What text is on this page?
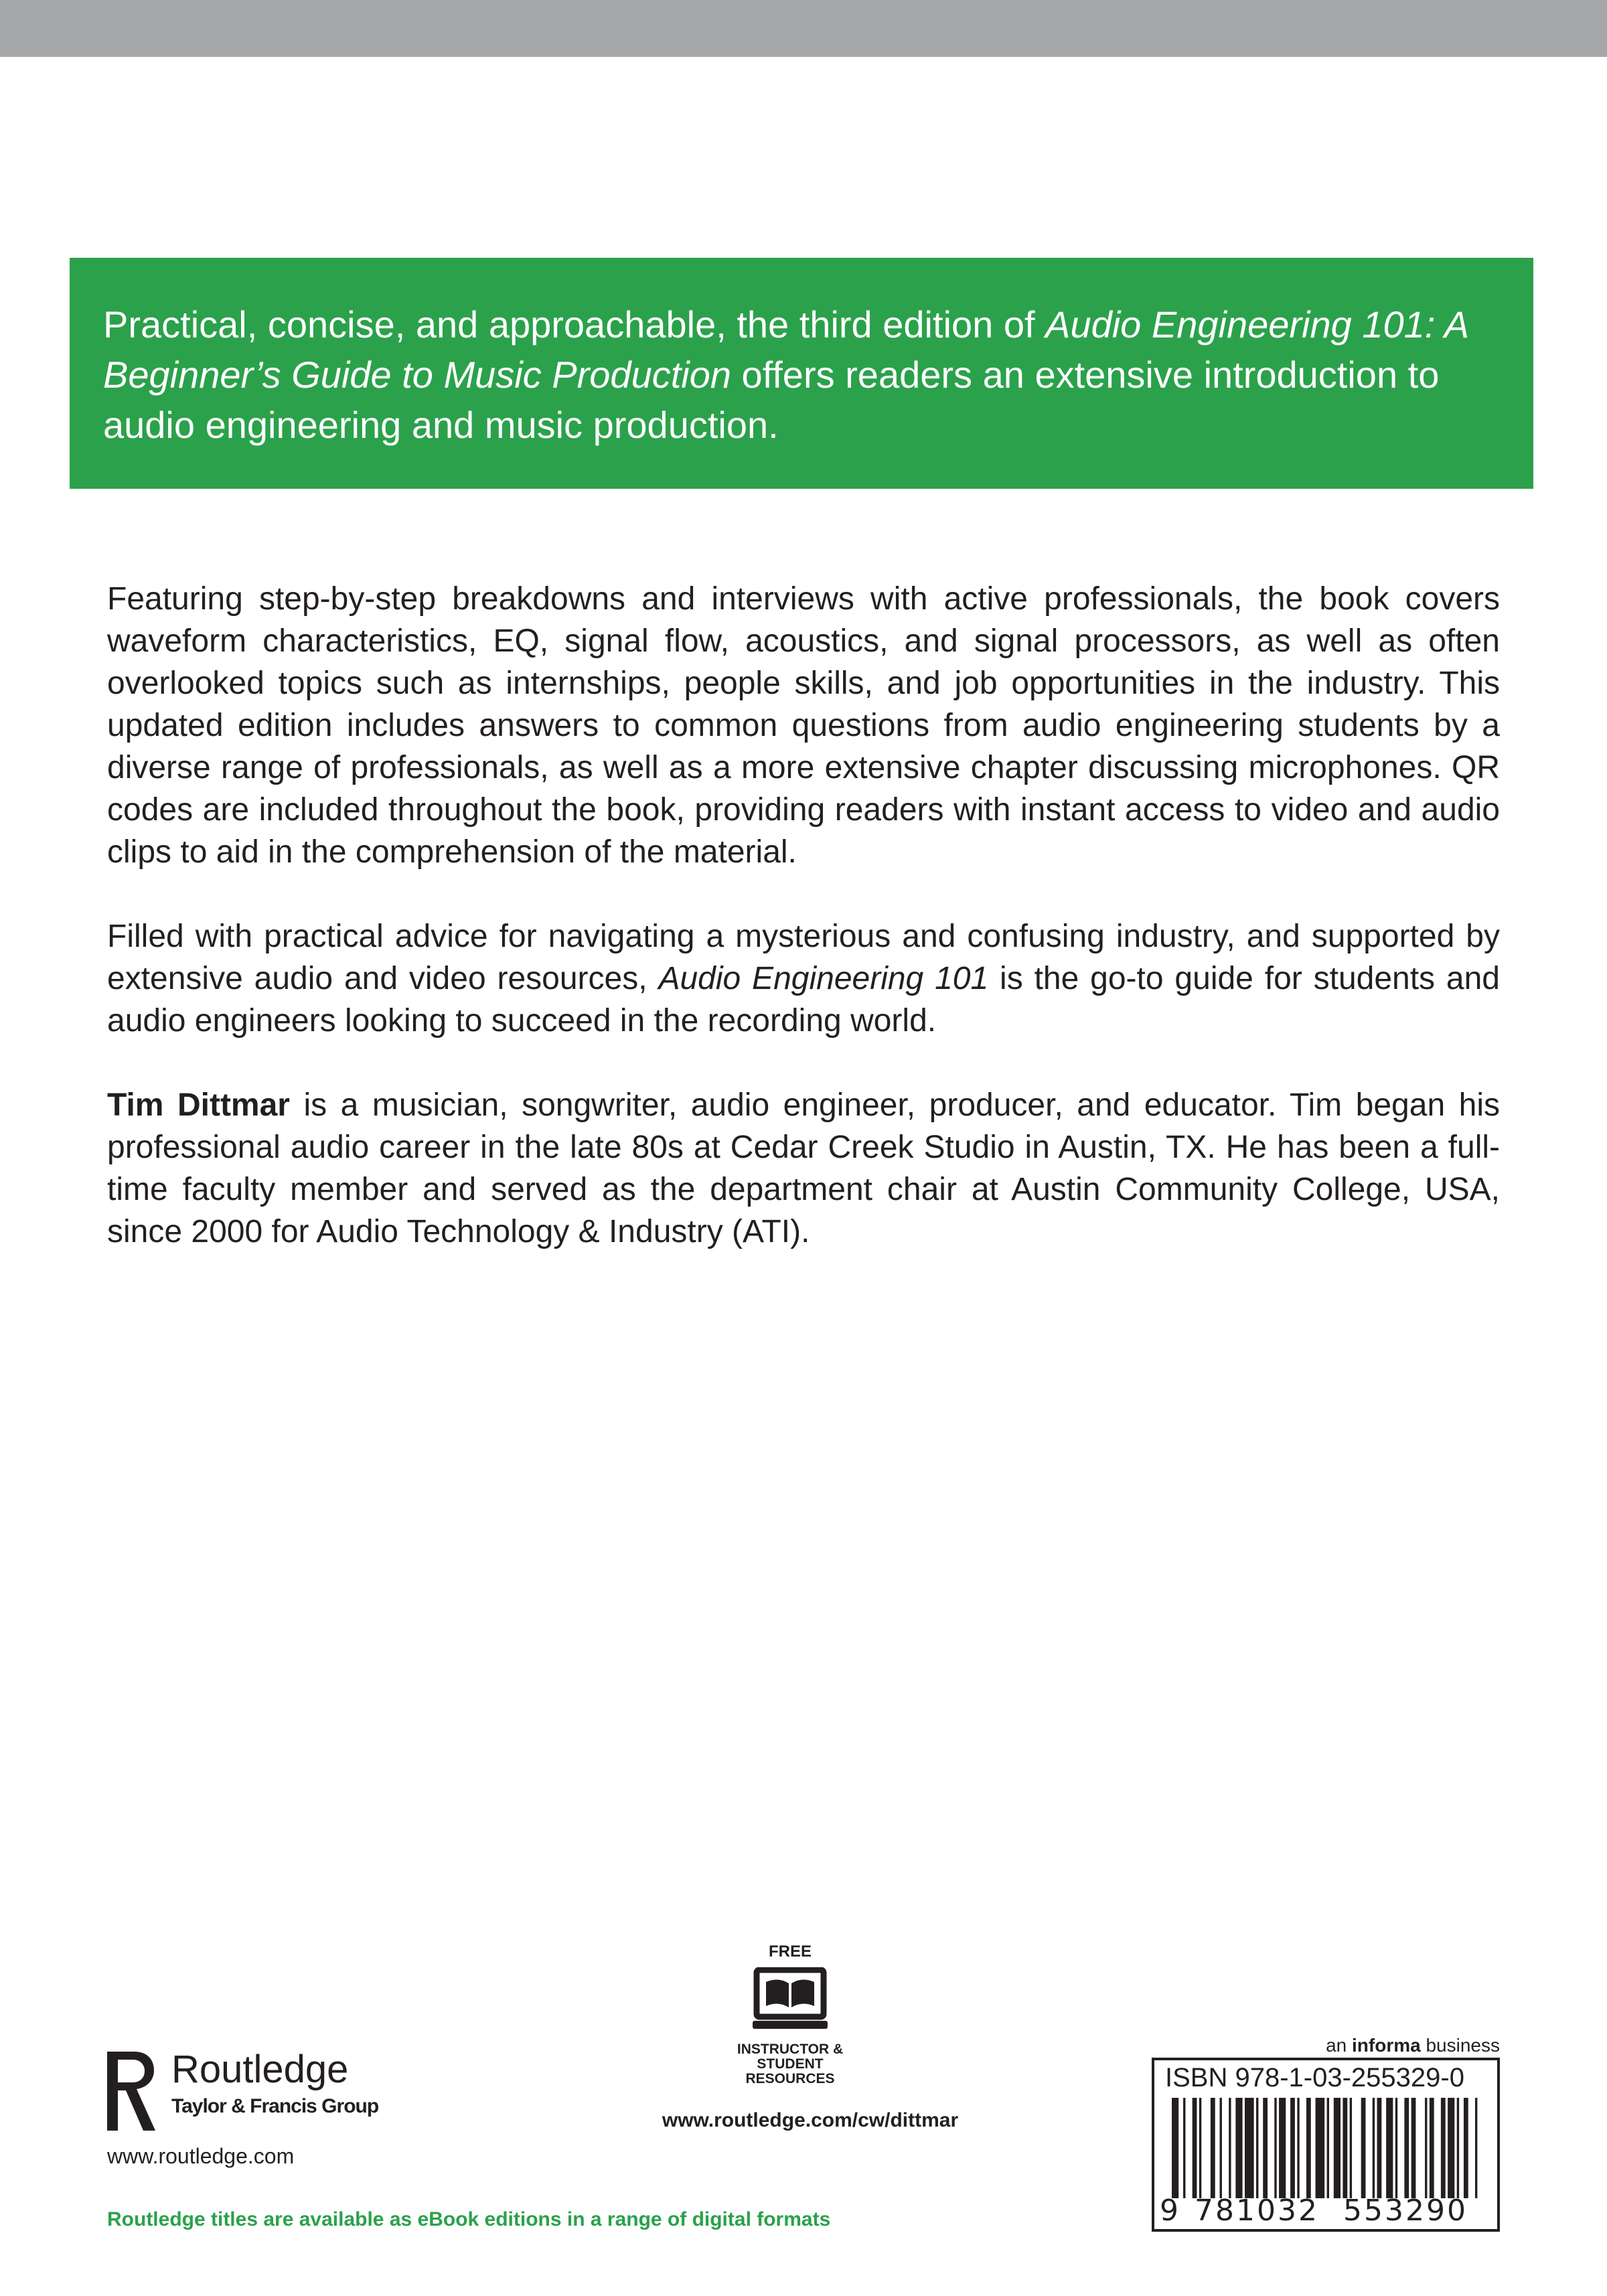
Practical, concise, and approachable, the third edition of Audio Engineering 101: A Beginner’s Guide to Music Production offers readers an extensive introduction to audio engineering and music production.

Featuring step-by-step breakdowns and interviews with active professionals, the book covers waveform characteristics, EQ, signal flow, acoustics, and signal processors, as well as often overlooked topics such as internships, people skills, and job opportunities in the industry. This updated edition includes answers to common questions from audio engineering students by a diverse range of professionals, as well as a more extensive chapter discussing microphones. QR codes are included throughout the book, providing readers with instant access to video and audio clips to aid in the comprehension of the material.

Filled with practical advice for navigating a mysterious and confusing industry, and supported by extensive audio and video resources, Audio Engineering 101 is the go-to guide for students and audio engineers looking to succeed in the recording world.

Tim Dittmar is a musician, songwriter, audio engineer, producer, and educator. Tim began his professional audio career in the late 80s at Cedar Creek Studio in Austin, TX. He has been a full-time faculty member and served as the department chair at Austin Community College, USA, since 2000 for Audio Technology & Industry (ATI).

Routledge
Taylor & Francis Group
www.routledge.com
Routledge titles are available as eBook editions in a range of digital formats
FREE
INSTRUCTOR & STUDENT RESOURCES
www.routledge.com/cw/dittmar
an informa business
ISBN 978-1-03-255329-0
9 781032 553290
